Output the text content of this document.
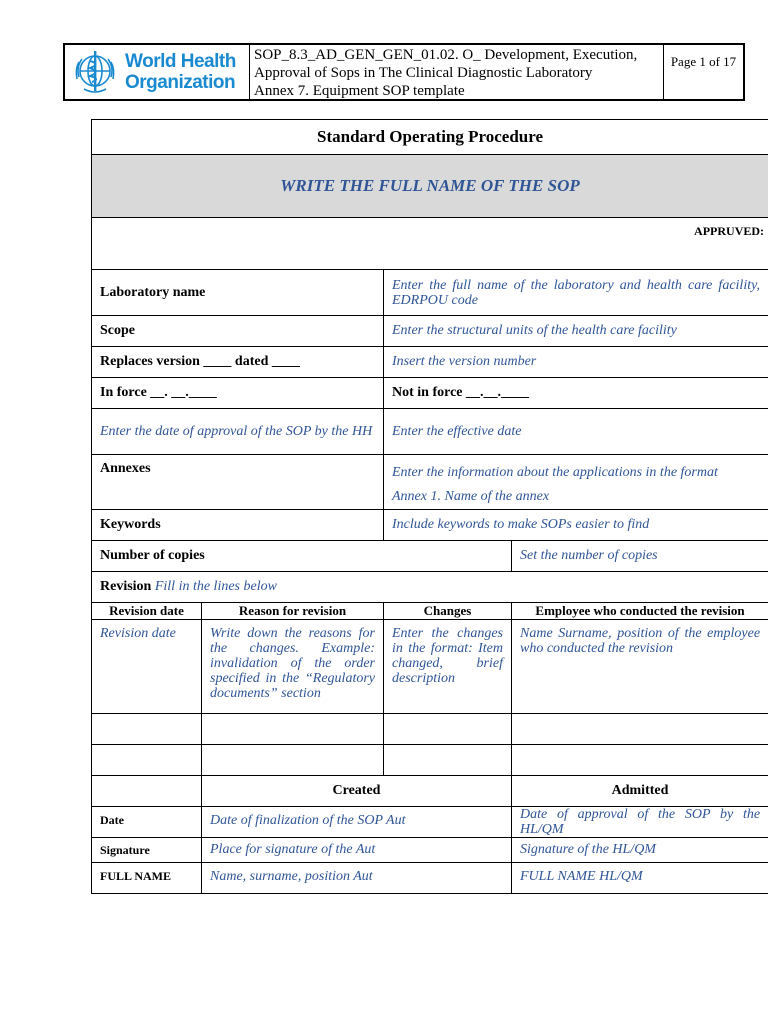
World Health
Organization
SOP_8.3_AD_GEN_GEN_01.02. O_ Development, Execution,
Approval of Sops in The Clinical Diagnostic Laboratory
Annex 7. Equipment SOP template
Page 1 of 17
Standard Operating Procedure			
WRITE THE FULL NAME OF THE SOP			
APPRUVED:			
Laboratory name		Enter the full name of the laboratory and health care facility, EDRPOU code	
Scope		Enter the structural units of the health care facility	
Replaces version ____ dated ____		Insert the version number	
In force __. __.____		Not in force __.__.____	
Enter the date of approval of the SOP by the HH		Enter the effective date	
Annexes		Enter the information about the applications in the format
Annex 1. Name of the annex	

Keywords		Include keywords to make SOPs easier to find	
Number of copies			Set the number of copies
Revision Fill in the lines below			
Revision date	Reason for revision	Changes	Employee who conducted the revision
Revision date	Write down the reasons for the changes. Example: invalidation of the order specified in the “Regulatory documents” section	Enter the changes in the format: Item changed, brief description	Name Surname, position of the employee who conducted the revision

	Created		Admitted
Date	Date of finalization of the SOP Aut		Date of approval of the SOP by the HL/QM
Signature	Place for signature of the Aut		Signature of the HL/QM
FULL NAME	Name, surname, position Aut		FULL NAME HL/QM
